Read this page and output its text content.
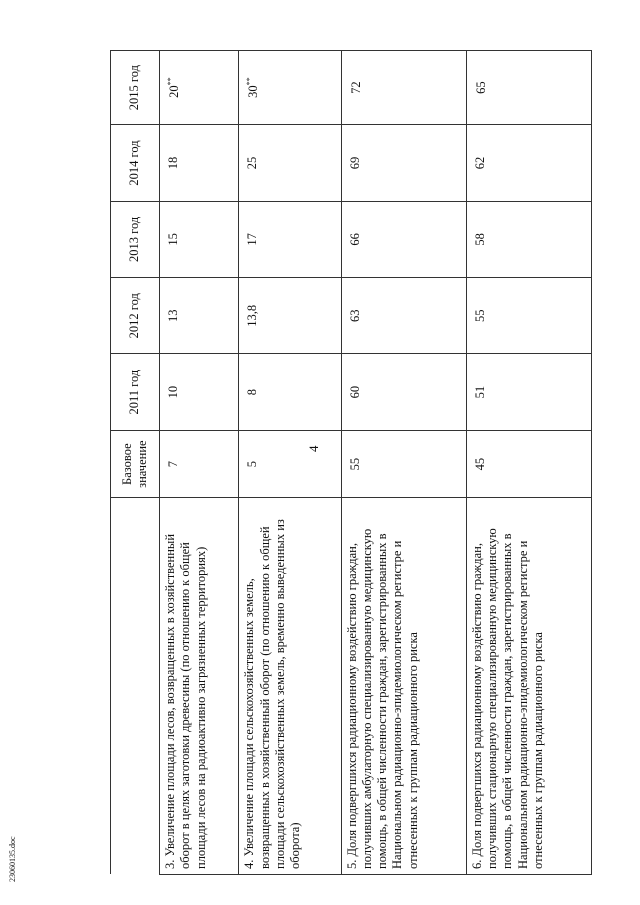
4
23060135.doc
	Базовое значение	2011 год	2012 год	2013 год	2014 год	2015 год
3. Увеличение площади лесов, возвращенных в хозяйственный оборот в целях заготовки древесины (по отношению к общей площади лесов на радиоактивно загрязненных территориях)	7	10	13	15	18	20**
4. Увеличение площади сельскохозяйственных земель, возвращенных в хозяйственный оборот (по отношению к общей площади сельскохозяйственных земель, временно выведенных из оборота)	5	8	13,8	17	25	30**
5. Доля подвергшихся радиационному воздействию граждан, получивших амбулаторную специализированную медицинскую помощь, в общей численности граждан, зарегистрированных в Национальном радиационно-эпидемиологическом регистре и отнесенных к группам радиационного риска	55	60	63	66	69	72
6. Доля подвергшихся радиационному воздействию граждан, получивших стационарную специализированную медицинскую помощь, в общей численности граждан, зарегистрированных в Национальном радиационно-эпидемиологическом регистре и отнесенных к группам радиационного риска	45	51	55	58	62	65
